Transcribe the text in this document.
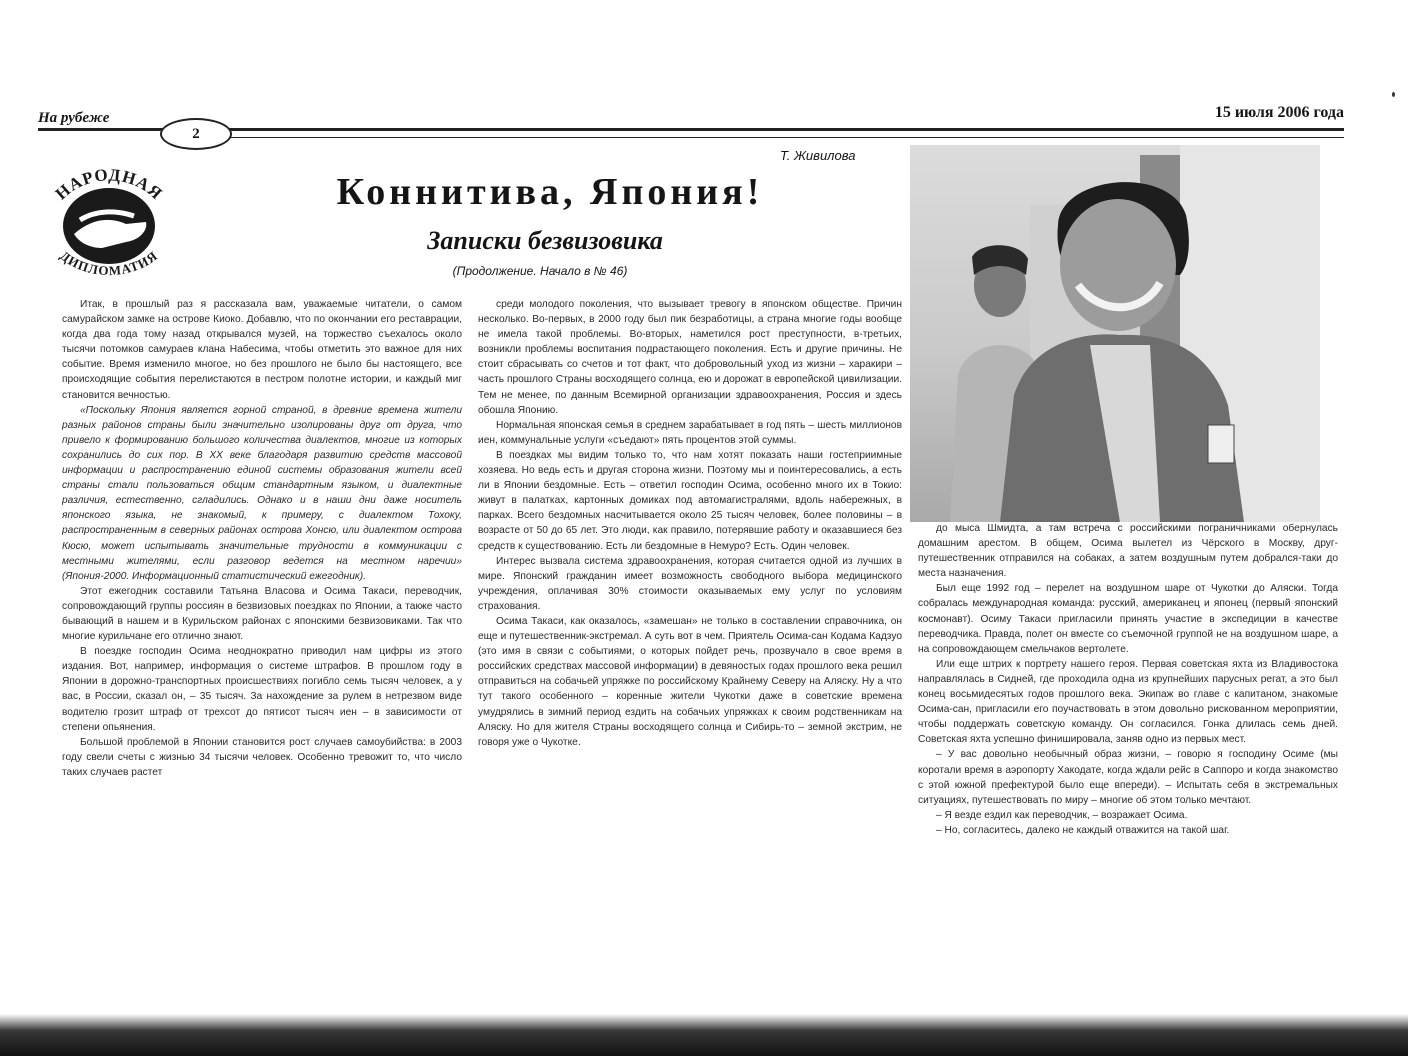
На рубеже
2
15 июля 2006 года
НАРОДНАЯ
ДИПЛОМАТИЯ
Т. Живилова
Коннитива, Япония!
Записки безвизовика
(Продолжение. Начало в № 46)

Итак, в прошлый раз я рассказала вам, уважаемые читатели, о самом самурайском замке на острове Киоко. Добавлю, что по окончании его реставрации, когда два года тому назад открывался музей, на торжество съехалось около тысячи потомков самураев клана Набесима, чтобы отметить это важное для них событие. Время изменило многое, но без прошлого не было бы настоящего, все происходящие события перелистаются в пестром полотне истории, и каждый миг становится вечностью.

«Поскольку Япония является горной страной, в древние времена жители разных районов страны были значительно изолированы друг от друга, что привело к формированию большого количества диалектов, многие из которых сохранились до сих пор. В XX веке благодаря развитию средств массовой информации и распространению единой системы образования жители всей страны стали пользоваться общим стандартным языком, и диалектные различия, естественно, сгладились. Однако и в наши дни даже носитель японского языка, не знакомый, к примеру, с диалектом Тохоку, распространенным в северных районах острова Хонсю, или диалектом острова Кюсю, может испытывать значительные трудности в коммуникации с местными жителями, если разговор ведется на местном наречии» (Япония-2000. Информационный статистический ежегодник).

Этот ежегодник составили Татьяна Власова и Осима Такаси, переводчик, сопровождающий группы россиян в безвизовых поездках по Японии, а также часто бывающий в нашем и в Курильском районах с японскими безвизовиками. Так что многие курильчане его отлично знают.

В поездке господин Осима неоднократно приводил нам цифры из этого издания. Вот, например, информация о системе штрафов. В прошлом году в Японии в дорожно-транспортных происшествиях погибло семь тысяч человек, а у вас, в России, сказал он, – 35 тысяч. За нахождение за рулем в нетрезвом виде водителю грозит штраф от трехсот до пятисот тысяч иен – в зависимости от степени опьянения.

Большой проблемой в Японии становится рост случаев самоубийства: в 2003 году свели счеты с жизнью 34 тысячи человек. Особенно тревожит то, что число таких случаев растет

среди молодого поколения, что вызывает тревогу в японском обществе. Причин несколько. Во-первых, в 2000 году был пик безработицы, а страна многие годы вообще не имела такой проблемы. Во-вторых, наметился рост преступности, в-третьих, возникли проблемы воспитания подрастающего поколения. Есть и другие причины. Не стоит сбрасывать со счетов и тот факт, что добровольный уход из жизни – харакири – часть прошлого Страны восходящего солнца, ею и дорожат в европейской цивилизации. Тем не менее, по данным Всемирной организации здравоохранения, Россия и здесь обошла Японию.

Нормальная японская семья в среднем зарабатывает в год пять – шесть миллионов иен, коммунальные услуги «съедают» пять процентов этой суммы.

В поездках мы видим только то, что нам хотят показать наши гостеприимные хозяева. Но ведь есть и другая сторона жизни. Поэтому мы и поинтересовались, а есть ли в Японии бездомные. Есть – ответил господин Осима, особенно много их в Токио: живут в палатках, картонных домиках под автомагистралями, вдоль набережных, в парках. Всего бездомных насчитывается около 25 тысяч человек, более половины – в возрасте от 50 до 65 лет. Это люди, как правило, потерявшие работу и оказавшиеся без средств к существованию. Есть ли бездомные в Немуро? Есть. Один человек.

Интерес вызвала система здравоохранения, которая считается одной из лучших в мире. Японский гражданин имеет возможность свободного выбора медицинского учреждения, оплачивая 30% стоимости оказываемых ему услуг по условиям страхования.

Осима Такаси, как оказалось, «замешан» не только в составлении справочника, он еще и путешественник-экстремал. А суть вот в чем. Приятель Осима-сан Кодама Кадзуо (это имя в связи с событиями, о которых пойдет речь, прозвучало в свое время в российских средствах массовой информации) в девяностых годах прошлого века решил отправиться на собачьей упряжке по российскому Крайнему Северу на Аляску. Ну а что тут такого особенного – коренные жители Чукотки даже в советские времена умудрялись в зимний период ездить на собачьих упряжках к своим родственникам на Аляску. Но для жителя Страны восходящего солнца и Сибирь-то – земной экстрим, не говоря уже о Чукотке.

до мыса Шмидта, а там встреча с российскими пограничниками обернулась домашним арестом. В общем, Осима вылетел из Чёрского в Москву, друг-путешественник отправился на собаках, а затем воздушным путем добрался-таки до места назначения.

Был еще 1992 год – перелет на воздушном шаре от Чукотки до Аляски. Тогда собралась международная команда: русский, американец и японец (первый японский космонавт). Осиму Такаси пригласили принять участие в экспедиции в качестве переводчика. Правда, полет он вместе со съемочной группой не на воздушном шаре, а на сопровождающем смельчаков вертолете.

Или еще штрих к портрету нашего героя. Первая советская яхта из Владивостока направлялась в Сидней, где проходила одна из крупнейших парусных регат, а это был конец восьмидесятых годов прошлого века. Экипаж во главе с капитаном, знакомые Осима-сан, пригласили его поучаствовать в этом довольно рискованном мероприятии, чтобы поддержать советскую команду. Он согласился. Гонка длилась семь дней. Советская яхта успешно финишировала, заняв одно из первых мест.

– У вас довольно необычный образ жизни, – говорю я господину Осиме (мы коротали время в аэропорту Хакодате, когда ждали рейс в Саппоро и когда знакомство с этой южной префектурой было еще впереди). – Испытать себя в экстремальных ситуациях, путешествовать по миру – многие об этом только мечтают.

– Я везде ездил как переводчик, – возражает Осима.

– Но, согласитесь, далеко не каждый отважится на такой шаг.
